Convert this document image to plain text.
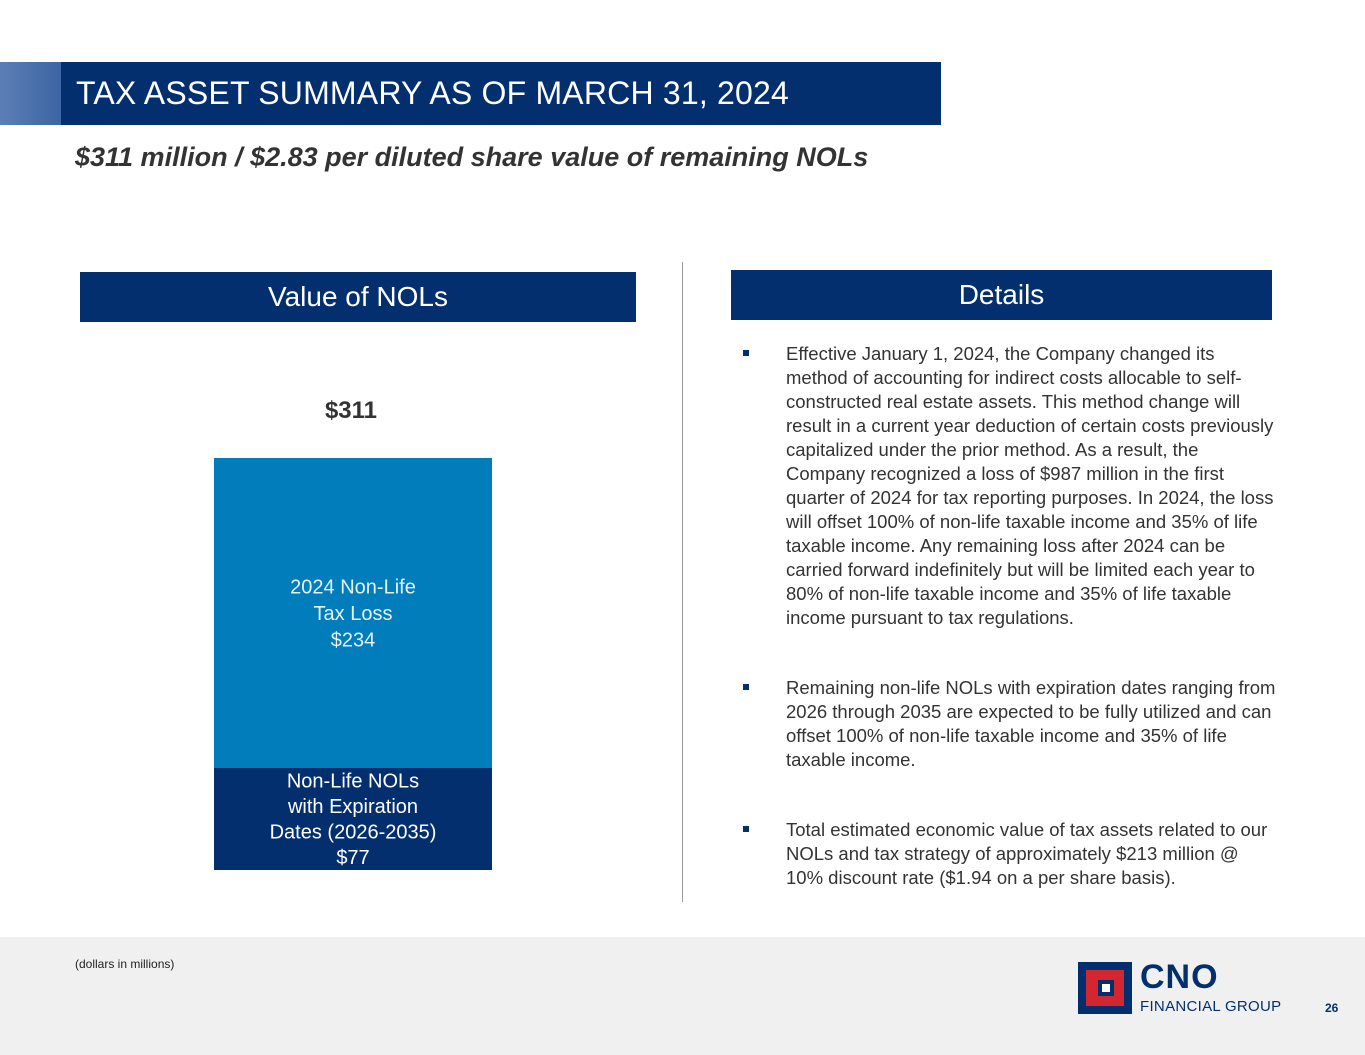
TAX ASSET SUMMARY AS OF MARCH 31, 2024
$311 million / $2.83 per diluted share value of remaining NOLs
Value of NOLs	Details
Non-Life NOLs with Expiration Dates (2026-2035) $77
2024 Non-Life Tax Loss $234
$311
Effective January 1, 2024, the Company changed its method of accounting for indirect costs allocable to self-constructed real estate assets. This method change will result in a current year deduction of certain costs previously capitalized under the prior method. As a result, the Company recognized a loss of $987 million in the first quarter of 2024 for tax reporting purposes. In 2024, the loss will offset 100% of non-life taxable income and 35% of life taxable income. Any remaining loss after 2024 can be carried forward indefinitely but will be limited each year to 80% of non-life taxable income and 35% of life taxable income pursuant to tax regulations.
Remaining non-life NOLs with expiration dates ranging from 2026 through 2035 are expected to be fully utilized and can offset 100% of non-life taxable income and 35% of life taxable income.
Total estimated economic value of tax assets related to our NOLs and tax strategy of approximately $213 million @ 10% discount rate ($1.94 on a per share basis).
(dollars in millions)	CNO
FINANCIAL GROUP	26
